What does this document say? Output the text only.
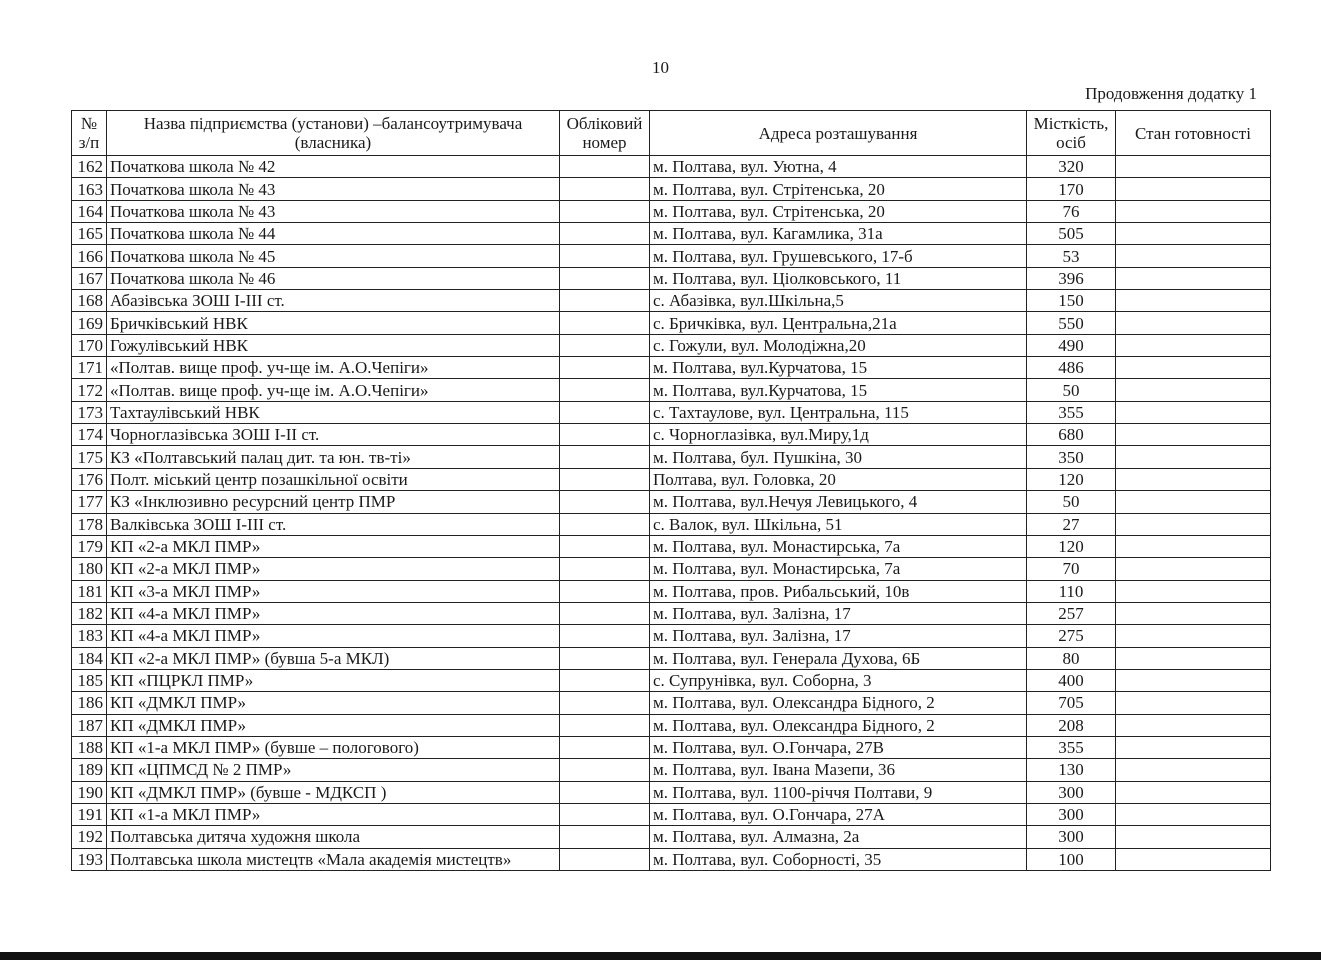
10
Продовження додатку 1
№ з/п	Назва підприємства (установи) –балансоутримувача (власника)	Обліковий номер	Адреса розташування	Місткість, осіб	Стан готовності
162	Початкова школа № 42		м. Полтава, вул. Уютна, 4	320	
163	Початкова школа № 43		м. Полтава, вул. Стрітенська, 20	170	
164	Початкова школа № 43		м. Полтава, вул. Стрітенська, 20	76	
165	Початкова школа № 44		м. Полтава, вул. Кагамлика, 31а	505	
166	Початкова школа № 45		м. Полтава, вул. Грушевського, 17-б	53	
167	Початкова школа № 46		м. Полтава, вул. Ціолковського, 11	396	
168	Абазівська ЗОШ І-ІІІ ст.		с. Абазівка, вул.Шкільна,5	150	
169	Бричківський НВК		с. Бричківка, вул. Центральна,21а	550	
170	Гожулівський НВК		с. Гожули, вул. Молодіжна,20	490	
171	«Полтав. вище проф. уч-ще ім. А.О.Чепіги»		м. Полтава, вул.Курчатова, 15	486	
172	«Полтав. вище проф. уч-ще ім. А.О.Чепіги»		м. Полтава, вул.Курчатова, 15	50	
173	Тахтаулівський НВК		с. Тахтаулове, вул. Центральна, 115	355	
174	Чорноглазівська ЗОШ І-ІІ ст.		с. Чорноглазівка, вул.Миру,1д	680	
175	КЗ «Полтавський палац дит. та юн. тв-ті»		м. Полтава, бул. Пушкіна, 30	350	
176	Полт. міський центр позашкільної освіти		Полтава, вул. Головка, 20	120	
177	КЗ «Інклюзивно ресурсний центр ПМР		м. Полтава, вул.Нечуя Левицького, 4	50	
178	Валківська ЗОШ І-ІІІ ст.		с. Валок, вул. Шкільна, 51	27	
179	КП «2-а МКЛ ПМР»		м. Полтава, вул. Монастирська, 7а	120	
180	КП «2-а МКЛ ПМР»		м. Полтава, вул. Монастирська, 7а	70	
181	КП «3-а МКЛ ПМР»		м. Полтава, пров. Рибальський, 10в	110	
182	КП «4-а МКЛ ПМР»		м. Полтава, вул. Залізна, 17	257	
183	КП «4-а МКЛ ПМР»		м. Полтава, вул. Залізна, 17	275	
184	КП «2-а МКЛ ПМР» (бувша 5-а МКЛ)		м. Полтава, вул. Генерала Духова, 6Б	80	
185	КП «ПЦРКЛ ПМР»		с. Супрунівка, вул. Соборна, 3	400	
186	КП «ДМКЛ ПМР»		м. Полтава, вул. Олександра Бідного, 2	705	
187	КП «ДМКЛ ПМР»		м. Полтава, вул. Олександра Бідного, 2	208	
188	КП «1-а МКЛ ПМР» (бувше – пологового)		м. Полтава, вул. О.Гончара, 27В	355	
189	КП «ЦПМСД № 2 ПМР»		м. Полтава, вул. Івана Мазепи, 36	130	
190	КП «ДМКЛ ПМР» (бувше - МДКСП )		м. Полтава, вул. 1100-річчя Полтави, 9	300	
191	КП «1-а МКЛ ПМР»		м. Полтава, вул. О.Гончара, 27А	300	
192	Полтавська дитяча художня школа		м. Полтава, вул. Алмазна, 2а	300	
193	Полтавська школа мистецтв «Мала академія мистецтв»		м. Полтава, вул. Соборності, 35	100	
